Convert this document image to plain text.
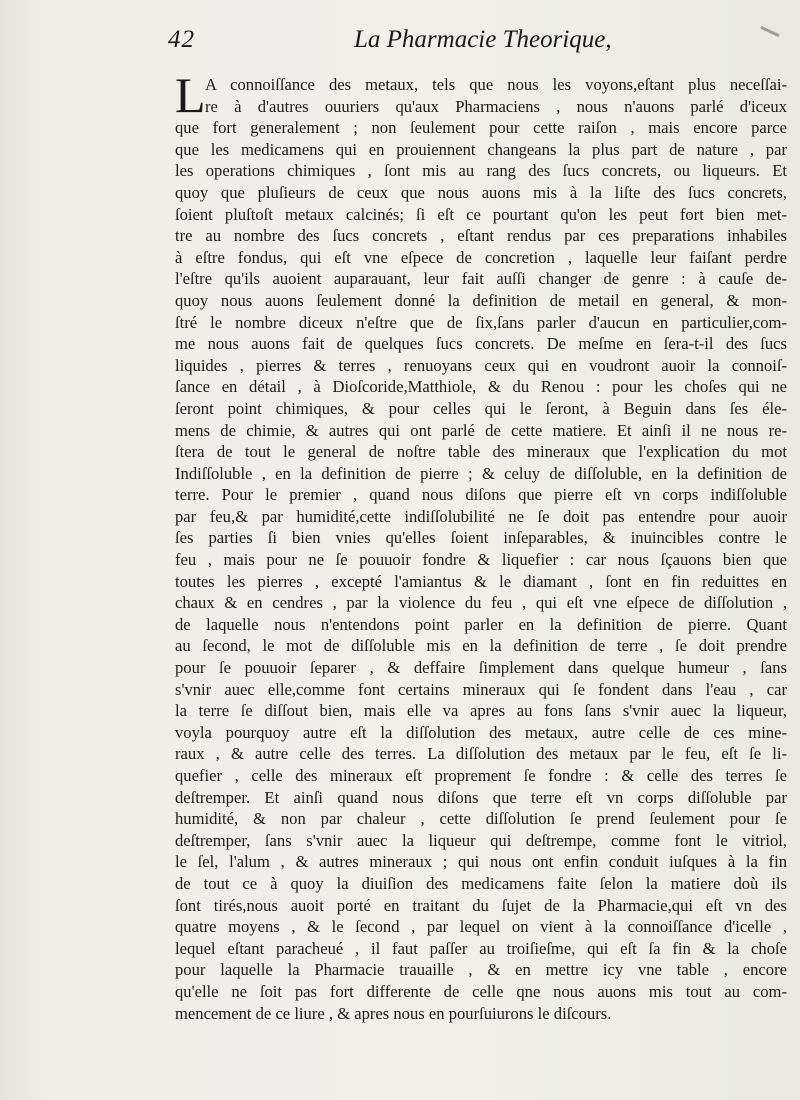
42	La Pharmacie Theorique,
L A connoiſſance des metaux, tels que nous les voyons,eſtant plus neceſſai-
re à d'autres ouuriers qu'aux Pharmaciens , nous n'auons parlé d'iceux
que fort generalement ; non ſeulement pour cette raiſon , mais encore parce
que les medicamens qui en prouiennent changeans la plus part de nature , par
les operations chimiques , ſont mis au rang des ſucs concrets, ou liqueurs. Et
quoy que pluſieurs de ceux que nous auons mis à la liſte des ſucs concrets,
ſoient pluſtoſt metaux calcinés; ſi eſt ce pourtant qu'on les peut fort bien met-
tre au nombre des ſucs concrets , eſtant rendus par ces preparations inhabiles
à eſtre fondus, qui eſt vne eſpece de concretion , laquelle leur faiſant perdre
l'eſtre qu'ils auoient auparauant, leur fait auſſi changer de genre : à cauſe de-
quoy nous auons ſeulement donné la definition de metail en general, & mon-
ſtré le nombre diceux n'eſtre que de ſix,ſans parler d'aucun en particulier,com-
me nous auons fait de quelques ſucs concrets. De meſme en ſera-t-il des ſucs
liquides , pierres & terres , renuoyans ceux qui en voudront auoir la connoiſ-
ſance en détail , à Dioſcoride,Matthiole, & du Renou : pour les choſes qui ne
ſeront point chimiques, & pour celles qui le ſeront, à Beguin dans ſes éle-
mens de chimie, & autres qui ont parlé de cette matiere. Et ainſi il ne nous re-
ſtera de tout le general de noſtre table des mineraux que l'explication du mot
Indiſſoluble , en la definition de pierre ; & celuy de diſſoluble, en la definition de
terre. Pour le premier , quand nous diſons que pierre eſt vn corps indiſſoluble
par feu,& par humidité,cette indiſſolubilité ne ſe doit pas entendre pour auoir
ſes parties ſi bien vnies qu'elles ſoient inſeparables, & inuincibles contre le
feu , mais pour ne ſe pouuoir fondre & liquefier : car nous ſçauons bien que
toutes les pierres , excepté l'amiantus & le diamant , ſont en fin reduittes en
chaux & en cendres , par la violence du feu , qui eſt vne eſpece de diſſolution ,
de laquelle nous n'entendons point parler en la definition de pierre. Quant
au ſecond, le mot de diſſoluble mis en la definition de terre , ſe doit prendre
pour ſe pouuoir ſeparer , & deffaire ſimplement dans quelque humeur , ſans
s'vnir auec elle,comme font certains mineraux qui ſe fondent dans l'eau , car
la terre ſe diſſout bien, mais elle va apres au fons ſans s'vnir auec la liqueur,
voyla pourquoy autre eſt la diſſolution des metaux, autre celle de ces mine-
raux , & autre celle des terres. La diſſolution des metaux par le feu, eſt ſe li-
quefier , celle des mineraux eſt proprement ſe fondre : & celle des terres ſe
deſtremper. Et ainſi quand nous diſons que terre eſt vn corps diſſoluble par
humidité, & non par chaleur , cette diſſolution ſe prend ſeulement pour ſe
deſtremper, ſans s'vnir auec la liqueur qui deſtrempe, comme font le vitriol,
le ſel, l'alum , & autres mineraux ; qui nous ont enfin conduit iuſques à la fin
de tout ce à quoy la diuiſion des medicamens faite ſelon la matiere doù ils
ſont tirés,nous auoit porté en traitant du ſujet de la Pharmacie,qui eſt vn des
quatre moyens , & le ſecond , par lequel on vient à la connoiſſance d'icelle ,
lequel eſtant paracheué , il faut paſſer au troiſieſme, qui eſt ſa fin & la choſe
pour laquelle la Pharmacie trauaille , & en mettre icy vne table , encore
qu'elle ne ſoit pas fort differente de celle qne nous auons mis tout au com-
mencement de ce liure , & apres nous en pourſuiurons le diſcours.
